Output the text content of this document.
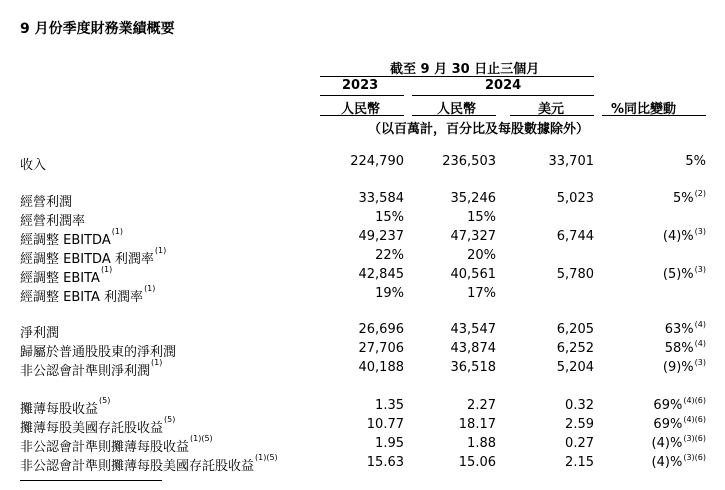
9 月份季度財務業績概要
截至 9 月 30 日止三個月
2023	2024
人民幣	人民幣	美元	%同比變動
（以百萬計，百分比及每股數據除外）
收入	224,790	236,503	33,701	5%
經營利潤	33,584	35,246	5,023	5%$^{(2)}$
經營利潤率	15%	15%
經調整 EBITDA$^{(1)}$	49,237	47,327	6,744	(4)%$^{(3)}$
經調整 EBITDA 利潤率$^{(1)}$	22%	20%
經調整 EBITA$^{(1)}$	42,845	40,561	5,780	(5)%$^{(3)}$
經調整 EBITA 利潤率$^{(1)}$	19%	17%
淨利潤	26,696	43,547	6,205	63%$^{(4)}$
歸屬於普通股股東的淨利潤	27,706	43,874	6,252	58%$^{(4)}$
非公認會計準則淨利潤$^{(1)}$	40,188	36,518	5,204	(9)%$^{(3)}$
攤薄每股收益$^{(5)}$	1.35	2.27	0.32	69%$^{(4)(6)}$
攤薄每股美國存託股收益$^{(5)}$	10.77	18.17	2.59	69%$^{(4)(6)}$
非公認會計準則攤薄每股收益$^{(1)(5)}$	1.95	1.88	0.27	(4)%$^{(3)(6)}$
非公認會計準則攤薄每股美國存託股收益$^{(1)(5)}$	15.63	15.06	2.15	(4)%$^{(3)(6)}$
